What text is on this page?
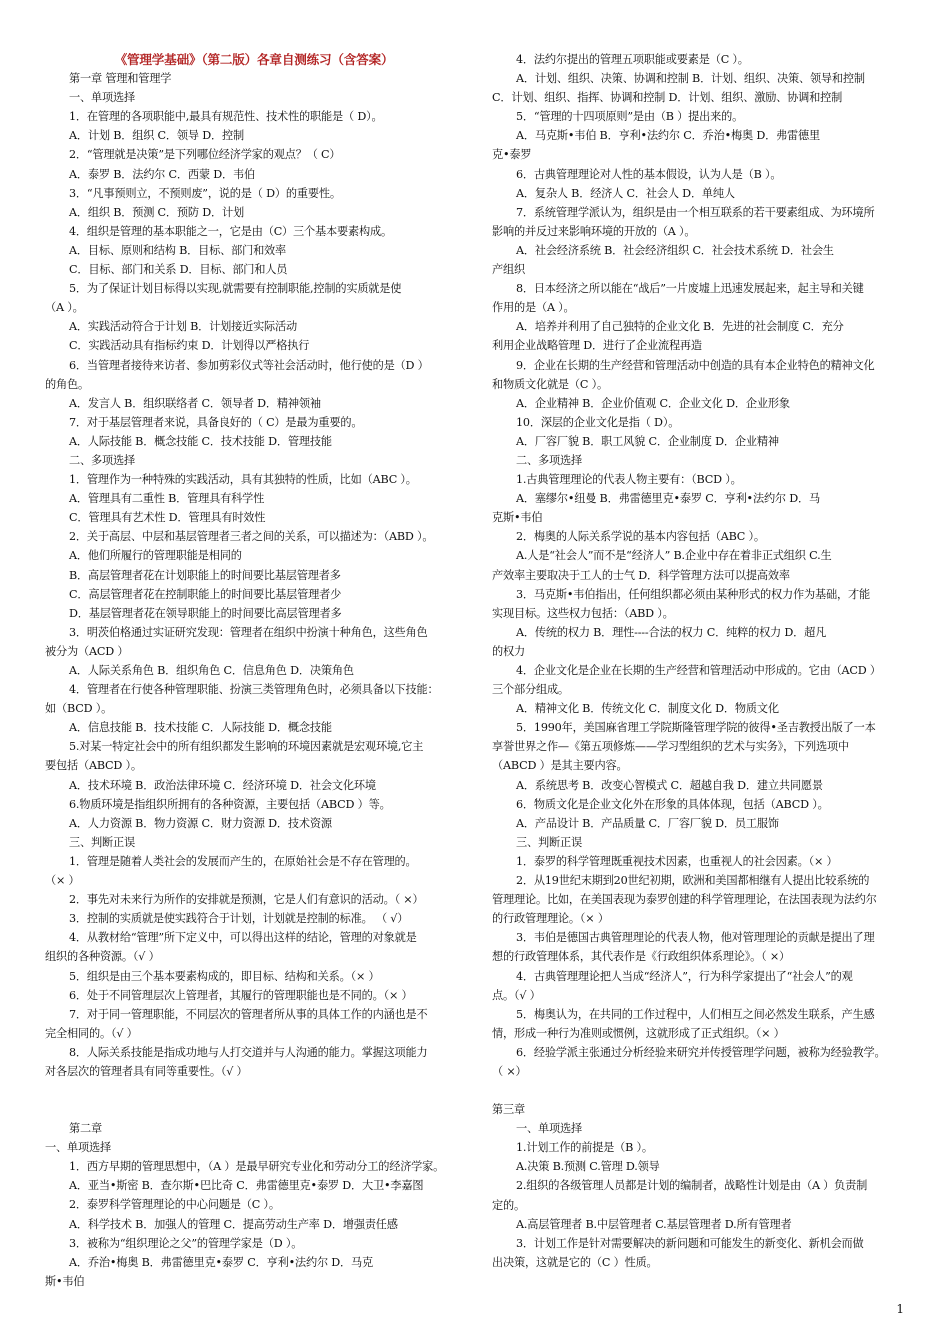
《管理学基础》（第二版）各章自测练习（含答案）
第一章 管理和管理学
一、单项选择
1．在管理的各项职能中,最具有规范性、技术性的职能是（ D）。
A．计划 B．组织 C．领导 D．控制
2．“管理就是决策”是下列哪位经济学家的观点？（ C）
A．泰罗 B．法约尔 C．西蒙 D．韦伯
3．“凡事预则立，不预则废”，说的是（ D）的重要性。
A．组织 B．预测 C．预防 D．计划
4．组织是管理的基本职能之一，它是由（C）三个基本要素构成。
A．目标、原则和结构 B．目标、部门和效率
C．目标、部门和关系 D．目标、部门和人员
5．为了保证计划目标得以实现,就需要有控制职能,控制的实质就是使
（A ）。
A．实践活动符合于计划 B．计划接近实际活动
C．实践活动具有指标约束 D．计划得以严格执行
6．当管理者接待来访者、参加剪彩仪式等社会活动时，他行使的是（D ）
的角色。
A．发言人 B．组织联络者 C．领导者 D．精神领袖
7．对于基层管理者来说，具备良好的（ C）是最为重要的。
A．人际技能 B．概念技能 C．技术技能 D．管理技能
二、多项选择
1．管理作为一种特殊的实践活动，具有其独特的性质，比如（ABC ）。
A．管理具有二重性 B．管理具有科学性
C．管理具有艺术性 D．管理具有时效性
2．关于高层、中层和基层管理者三者之间的关系，可以描述为：（ABD ）。
A．他们所履行的管理职能是相同的
B．高层管理者花在计划职能上的时间要比基层管理者多
C．高层管理者花在控制职能上的时间要比基层管理者少
D．基层管理者花在领导职能上的时间要比高层管理者多
3．明茨伯格通过实证研究发现：管理者在组织中扮演十种角色，这些角色
被分为（ACD ）
A．人际关系角色 B．组织角色 C．信息角色 D．决策角色
4．管理者在行使各种管理职能、扮演三类管理角色时，必须具备以下技能：
如（BCD ）。
A．信息技能 B．技术技能 C．人际技能 D．概念技能
5.对某一特定社会中的所有组织都发生影响的环境因素就是宏观环境,它主
要包括（ABCD ）。
A．技术环境 B．政治法律环境 C．经济环境 D．社会文化环境
6.物质环境是指组织所拥有的各种资源，主要包括（ABCD ）等。
A．人力资源 B．物力资源 C．财力资源 D．技术资源
三、判断正误
1．管理是随着人类社会的发展而产生的，在原始社会是不存在管理的。
（× ）
2．事先对未来行为所作的安排就是预测，它是人们有意识的活动。（ ×）
3．控制的实质就是使实践符合于计划，计划就是控制的标准。 （ √）
4．从教材给“管理”所下定义中，可以得出这样的结论，管理的对象就是
组织的各种资源。（√ ）
5．组织是由三个基本要素构成的，即目标、结构和关系。（× ）
6．处于不同管理层次上管理者，其履行的管理职能也是不同的。（× ）
7．对于同一管理职能，不同层次的管理者所从事的具体工作的内涵也是不
完全相同的。（√ ）
8．人际关系技能是指成功地与人打交道并与人沟通的能力。掌握这项能力
对各层次的管理者具有同等重要性。（√ ）
第二章
一、单项选择
1．西方早期的管理思想中，（A ）是最早研究专业化和劳动分工的经济学家。
A．亚当•斯密 B．查尔斯•巴比奇 C．弗雷德里克•泰罗 D．大卫•李嘉图
2．泰罗科学管理理论的中心问题是（C ）。
A．科学技术 B．加强人的管理 C．提高劳动生产率 D．增强责任感
3．被称为“组织理论之父”的管理学家是（D ）。
A．乔治•梅奥 B．弗雷德里克•泰罗 C．亨利•法约尔 D．马克
斯•韦伯
4．法约尔提出的管理五项职能或要素是（C ）。
A．计划、组织、决策、协调和控制 B．计划、组织、决策、领导和控制
C．计划、组织、指挥、协调和控制 D．计划、组织、激励、协调和控制
5．“管理的十四项原则”是由（B ）提出来的。
A．马克斯•韦伯 B．亨利•法约尔 C．乔治•梅奥 D．弗雷德里
克•泰罗
6．古典管理理论对人性的基本假设，认为人是（B ）。
A．复杂人 B．经济人 C．社会人 D．单纯人
7．系统管理学派认为，组织是由一个相互联系的若干要素组成、为环境所
影响的并反过来影响环境的开放的（A ）。
A．社会经济系统 B．社会经济组织 C．社会技术系统 D．社会生
产组织
8．日本经济之所以能在“战后”一片废墟上迅速发展起来，起主导和关键
作用的是（A ）。
A．培养并利用了自己独特的企业文化 B．先进的社会制度 C．充分
利用企业战略管理 D．进行了企业流程再造
9．企业在长期的生产经营和管理活动中创造的具有本企业特色的精神文化
和物质文化就是（C ）。
A．企业精神 B．企业价值观 C．企业文化 D．企业形象
10．深层的企业文化是指（ D）。
A．厂容厂貌 B．职工风貌 C．企业制度 D．企业精神
二、多项选择
1.古典管理理论的代表人物主要有：（BCD ）。
A．塞缪尔•纽曼 B．弗雷德里克•泰罗 C．亨利•法约尔 D．马
克斯•韦伯
2．梅奥的人际关系学说的基本内容包括（ABC ）。
A.人是“社会人”而不是“经济人” B.企业中存在着非正式组织 C.生
产效率主要取决于工人的士气 D．科学管理方法可以提高效率
3．马克斯•韦伯指出，任何组织都必须由某种形式的权力作为基础，才能
实现目标。这些权力包括：（ABD ）。
A．传统的权力 B．理性----合法的权力 C．纯粹的权力 D．超凡
的权力
4．企业文化是企业在长期的生产经营和管理活动中形成的。它由（ACD ）
三个部分组成。
A．精神文化 B．传统文化 C．制度文化 D．物质文化
5．1990年，美国麻省理工学院斯隆管理学院的彼得•圣吉教授出版了一本
享誉世界之作—《第五项修炼——学习型组织的艺术与实务》，下列选项中
（ABCD ）是其主要内容。
A．系统思考 B．改变心智模式 C．超越自我 D．建立共同愿景
6．物质文化是企业文化外在形象的具体体现，包括（ABCD ）。
A．产品设计 B．产品质量 C．厂容厂貌 D．员工服饰
三、判断正误
1．泰罗的科学管理既重视技术因素，也重视人的社会因素。（× ）
2．从19世纪末期到20世纪初期，欧洲和美国都相继有人提出比较系统的
管理理论。比如，在美国表现为泰罗创建的科学管理理论，在法国表现为法约尔
的行政管理理论。（× ）
3．韦伯是德国古典管理理论的代表人物，他对管理理论的贡献是提出了理
想的行政管理体系，其代表作是《行政组织体系理论》。（ ×）
4．古典管理理论把人当成“经济人”，行为科学家提出了“社会人”的观
点。（√ ）
5．梅奥认为，在共同的工作过程中，人们相互之间必然发生联系，产生感
情，形成一种行为准则或惯例，这就形成了正式组织。（× ）
6．经验学派主张通过分析经验来研究并传授管理学问题，被称为经验教学。
（ ×）
第三章
一、单项选择
1.计划工作的前提是（B ）。
A.决策 B.预测 C.管理 D.领导
2.组织的各级管理人员都是计划的编制者，战略性计划是由（A ）负责制
定的。
A.高层管理者 B.中层管理者 C.基层管理者 D.所有管理者
3．计划工作是针对需要解决的新问题和可能发生的新变化、新机会而做
出决策，这就是它的（C ）性质。
1
